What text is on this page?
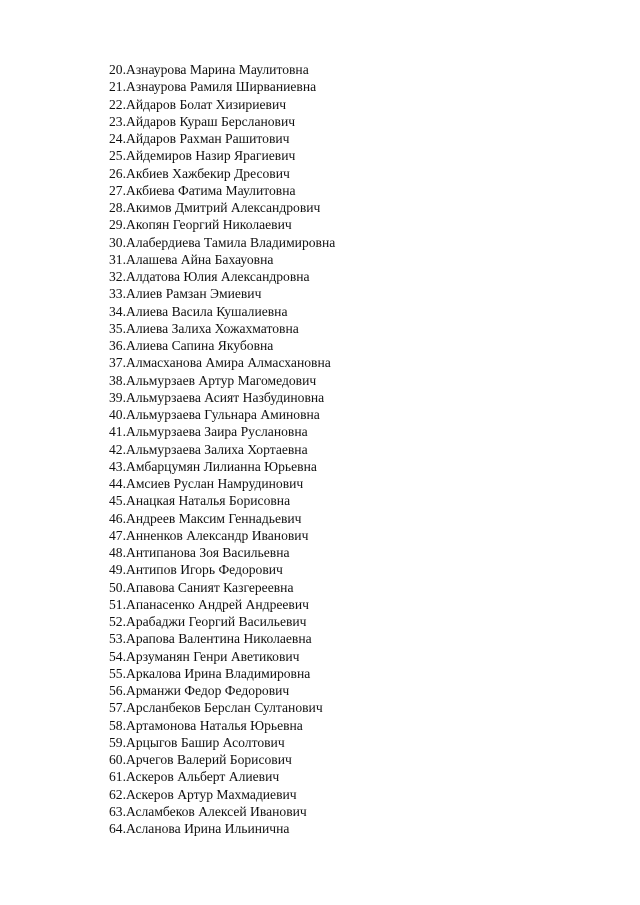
20.Азнаурова Марина Маулитовна
21.Азнаурова Рамиля Ширваниевна
22.Айдаров Болат Хизириевич
23.Айдаров Кураш Берсланович
24.Айдаров Рахман Рашитович
25.Айдемиров Назир Ярагиевич
26.Акбиев Хажбекир Дресович
27.Акбиева Фатима Маулитовна
28.Акимов Дмитрий Александрович
29.Акопян Георгий Николаевич
30.Алабердиева Тамила Владимировна
31.Алашева Айна Бахауовна
32.Алдатова Юлия Александровна
33.Алиев Рамзан Эмиевич
34.Алиева Васила Кушалиевна
35.Алиева Залиха Хожахматовна
36.Алиева Сапина Якубовна
37.Алмасханова Амира Алмасхановна
38.Альмурзаев Артур Магомедович
39.Альмурзаева Асият Назбудиновна
40.Альмурзаева Гульнара Аминовна
41.Альмурзаева Заира Руслановна
42.Альмурзаева Залиха Хортаевна
43.Амбарцумян Лилианна Юрьевна
44.Амсиев Руслан Намрудинович
45.Анацкая Наталья Борисовна
46.Андреев Максим Геннадьевич
47.Анненков Александр Иванович
48.Антипанова Зоя Васильевна
49.Антипов Игорь Федорович
50.Апавова Саният Казгереевна
51.Апанасенко Андрей Андреевич
52.Арабаджи Георгий Васильевич
53.Арапова Валентина Николаевна
54.Арзуманян Генри Аветикович
55.Аркалова Ирина Владимировна
56.Арманжи Федор Федорович
57.Арсланбеков Берслан Султанович
58.Артамонова Наталья Юрьевна
59.Арцыгов Башир Асолтович
60.Арчегов Валерий Борисович
61.Аскеров Альберт Алиевич
62.Аскеров Артур Махмадиевич
63.Асламбеков Алексей Иванович
64.Асланова Ирина Ильинична
